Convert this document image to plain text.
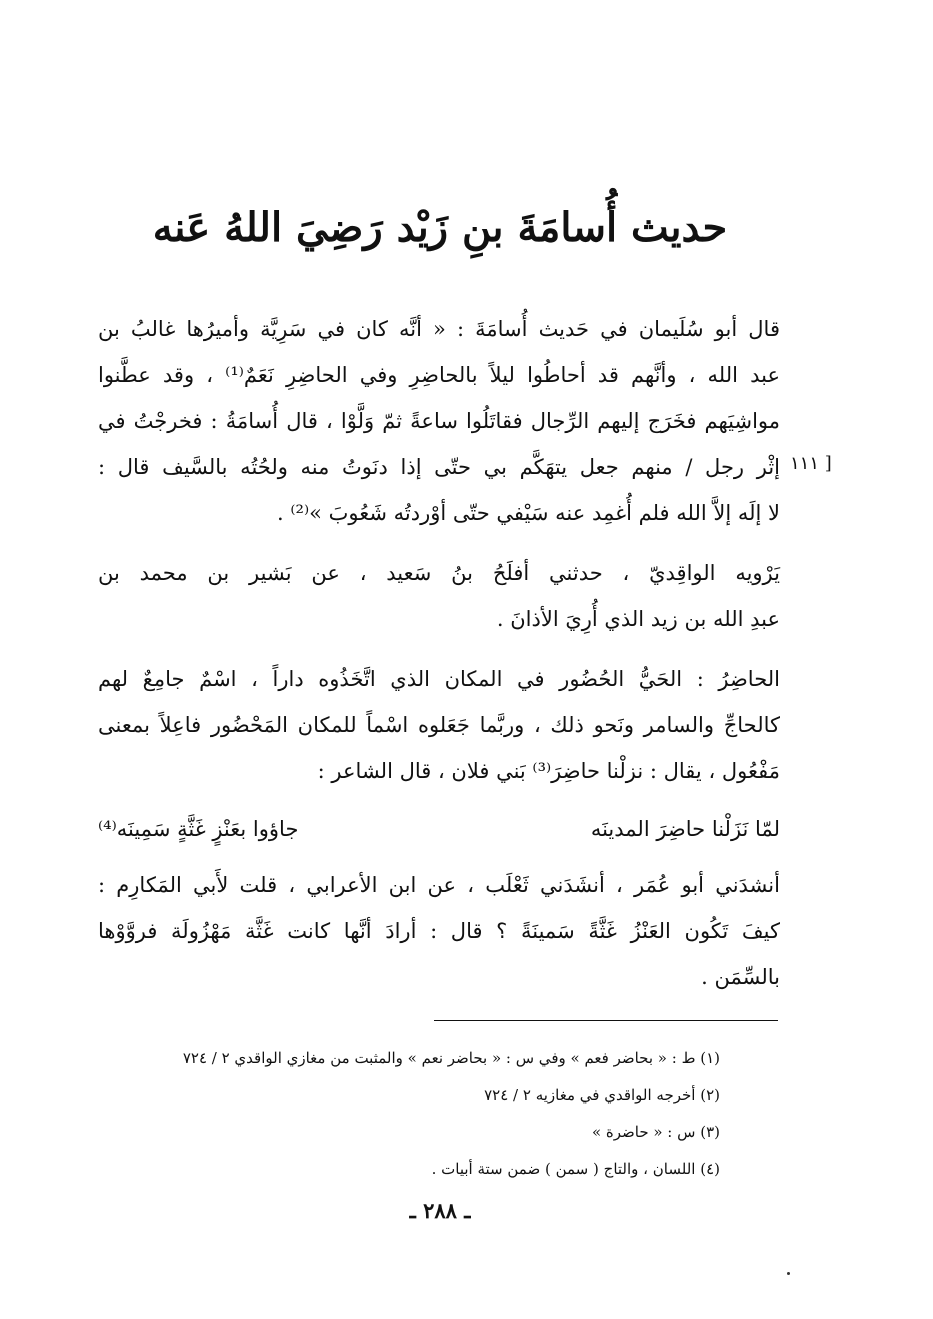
حديث أُسامَةَ بنِ زَيْد رَضِيَ اللهُ عَنه
قال أبو سُلَيمان في حَديث أُسامَةَ : « أنَّه كان في سَرِيَّة وأميرُها غالبُ بن
عبد الله ، وأنَّهم قد أحاطُوا ليلاً بالحاضِرِ وفي الحاضِرِ نَعَمٌ⁽¹⁾ ، وقد عطَّنوا
مواشِيَهم فخَرَج إليهم الرِّجال فقاتَلُوا ساعةً ثمّ وَلَّوْا ، قال أُسامَةُ : فخرجْتُ في
إثْر رجل / منهم جعل يتهَكَّم بي حتّى إذا دنَوتُ منه ولحُتُه بالسَّيف قال :
لا إلَه إلاَّ الله فلم أُغمِد عنه سَيْفي حتّى أوْردتُه شَعُوبَ »⁽²⁾ .
[ ١١١
يَرْويه الواقِديّ ، حدثني أفلَحُ بنُ سَعيد ، عن بَشير بن محمد بن
عبدِ الله بن زيد الذي أُرِيَ الأذانَ .
الحاضِرُ : الحَيُّ الحُضُور في المكان الذي اتَّخَذُوه داراً ، اسْمٌ جامِعٌ لهم
كالحاجِّ والسامر ونَحو ذلك ، وربَّما جَعَلوه اسْماً للمكان المَحْضُور فاعِلاً بمعنى
مَفْعُول ، يقال : نزلْنا حاضِرَ⁽³⁾ بَني فلان ، قال الشاعر :
لمّا نَزَلْنا حاضِرَ المدينَه
جاؤوا بعَنْزٍ غَثَّةٍ سَمِينَه⁽⁴⁾
أنشدَني أبو عُمَر ، أنشَدَني ثَعْلَب ، عن ابن الأعرابي ، قلت لأَبي المَكارِم :
كيفَ تَكُون العَنْزُ غَثَّةً سَمينَةً ؟ قال : أرادَ أنَّها كانت غَثَّة مَهْزُولَة فروَّوْها
بالسِّمَن .
(١) ط : « بحاضر فعم » وفي س : « بحاضر نعم » والمثبت من مغازي الواقدي ٢ / ٧٢٤
(٢) أخرجه الواقدي في مغازيه ٢ / ٧٢٤
(٣) س : « حاضرة »
(٤) اللسان ، والتاج ( سمن ) ضمن ستة أبيات .
ـ ٢٨٨ ـ
